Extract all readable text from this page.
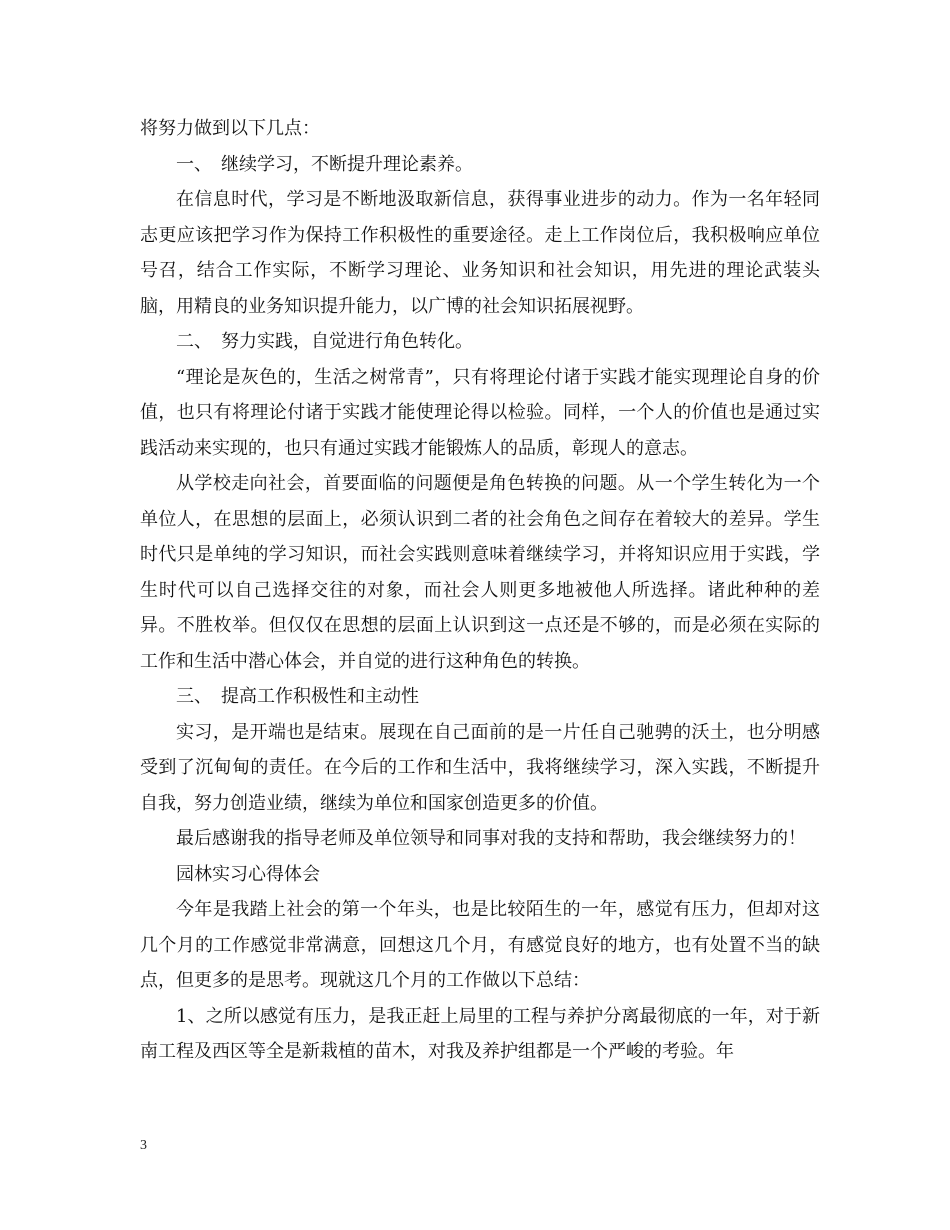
将努力做到以下几点：

一、　继续学习，不断提升理论素养。

在信息时代，学习是不断地汲取新信息，获得事业进步的动力。作为一名年轻同志更应该把学习作为保持工作积极性的重要途径。走上工作岗位后，我积极响应单位号召，结合工作实际，不断学习理论、业务知识和社会知识，用先进的理论武装头脑，用精良的业务知识提升能力，以广博的社会知识拓展视野。

二、　努力实践，自觉进行角色转化。

“理论是灰色的，生活之树常青”，只有将理论付诸于实践才能实现理论自身的价值，也只有将理论付诸于实践才能使理论得以检验。同样，一个人的价值也是通过实践活动来实现的，也只有通过实践才能锻炼人的品质，彰现人的意志。

从学校走向社会，首要面临的问题便是角色转换的问题。从一个学生转化为一个单位人，在思想的层面上，必须认识到二者的社会角色之间存在着较大的差异。学生时代只是单纯的学习知识，而社会实践则意味着继续学习，并将知识应用于实践，学生时代可以自己选择交往的对象，而社会人则更多地被他人所选择。诸此种种的差异。不胜枚举。但仅仅在思想的层面上认识到这一点还是不够的，而是必须在实际的工作和生活中潜心体会，并自觉的进行这种角色的转换。

三、　提高工作积极性和主动性

实习，是开端也是结束。展现在自己面前的是一片任自己驰骋的沃土，也分明感受到了沉甸甸的责任。在今后的工作和生活中，我将继续学习，深入实践，不断提升自我，努力创造业绩，继续为单位和国家创造更多的价值。

最后感谢我的指导老师及单位领导和同事对我的支持和帮助，我会继续努力的！

园林实习心得体会

今年是我踏上社会的第一个年头，也是比较陌生的一年，感觉有压力，但却对这几个月的工作感觉非常满意，回想这几个月，有感觉良好的地方，也有处置不当的缺点，但更多的是思考。现就这几个月的工作做以下总结：

1、之所以感觉有压力，是我正赶上局里的工程与养护分离最彻底的一年，对于新南工程及西区等全是新栽植的苗木，对我及养护组都是一个严峻的考验。年

3
